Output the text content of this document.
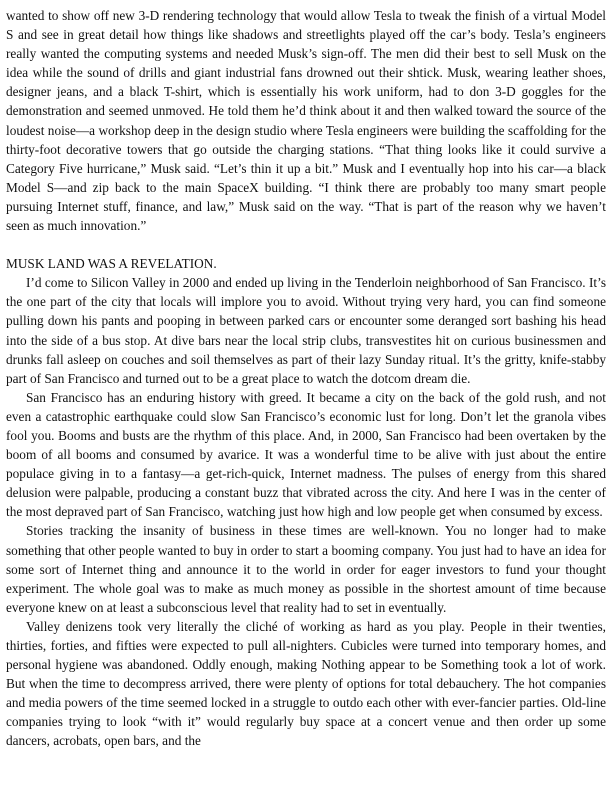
wanted to show off new 3-D rendering technology that would allow Tesla to tweak the finish of a virtual Model S and see in great detail how things like shadows and streetlights played off the car’s body. Tesla’s engineers really wanted the computing systems and needed Musk’s sign-off. The men did their best to sell Musk on the idea while the sound of drills and giant industrial fans drowned out their shtick. Musk, wearing leather shoes, designer jeans, and a black T-shirt, which is essentially his work uniform, had to don 3-D goggles for the demonstration and seemed unmoved. He told them he’d think about it and then walked toward the source of the loudest noise—a workshop deep in the design studio where Tesla engineers were building the scaffolding for the thirty-foot decorative towers that go outside the charging stations. “That thing looks like it could survive a Category Five hurricane,” Musk said. “Let’s thin it up a bit.” Musk and I eventually hop into his car—a black Model S—and zip back to the main SpaceX building. “I think there are probably too many smart people pursuing Internet stuff, finance, and law,” Musk said on the way. “That is part of the reason why we haven’t seen as much innovation.”

MUSK LAND WAS A REVELATION.

I’d come to Silicon Valley in 2000 and ended up living in the Tenderloin neighborhood of San Francisco. It’s the one part of the city that locals will implore you to avoid. Without trying very hard, you can find someone pulling down his pants and pooping in between parked cars or encounter some deranged sort bashing his head into the side of a bus stop. At dive bars near the local strip clubs, transvestites hit on curious businessmen and drunks fall asleep on couches and soil themselves as part of their lazy Sunday ritual. It’s the gritty, knife-stabby part of San Francisco and turned out to be a great place to watch the dotcom dream die.

San Francisco has an enduring history with greed. It became a city on the back of the gold rush, and not even a catastrophic earthquake could slow San Francisco’s economic lust for long. Don’t let the granola vibes fool you. Booms and busts are the rhythm of this place. And, in 2000, San Francisco had been overtaken by the boom of all booms and consumed by avarice. It was a wonderful time to be alive with just about the entire populace giving in to a fantasy—a get-rich-quick, Internet madness. The pulses of energy from this shared delusion were palpable, producing a constant buzz that vibrated across the city. And here I was in the center of the most depraved part of San Francisco, watching just how high and low people get when consumed by excess.

Stories tracking the insanity of business in these times are well-known. You no longer had to make something that other people wanted to buy in order to start a booming company. You just had to have an idea for some sort of Internet thing and announce it to the world in order for eager investors to fund your thought experiment. The whole goal was to make as much money as possible in the shortest amount of time because everyone knew on at least a subconscious level that reality had to set in eventually.

Valley denizens took very literally the cliché of working as hard as you play. People in their twenties, thirties, forties, and fifties were expected to pull all-nighters. Cubicles were turned into temporary homes, and personal hygiene was abandoned. Oddly enough, making Nothing appear to be Something took a lot of work. But when the time to decompress arrived, there were plenty of options for total debauchery. The hot companies and media powers of the time seemed locked in a struggle to outdo each other with ever-fancier parties. Old-line companies trying to look “with it” would regularly buy space at a concert venue and then order up some dancers, acrobats, open bars, and the
